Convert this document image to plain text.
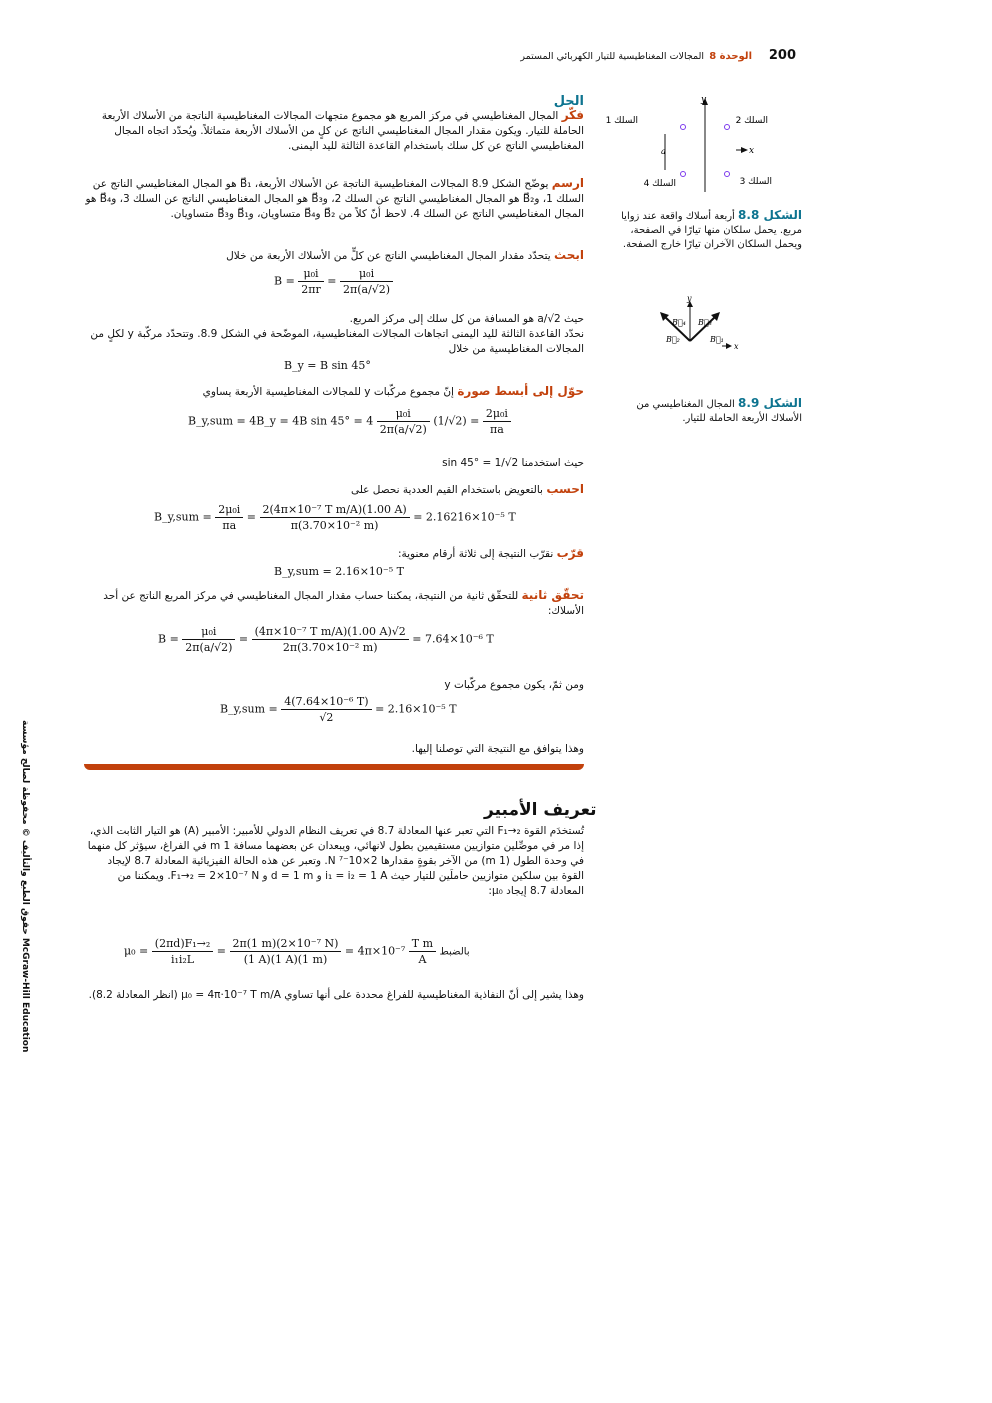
200
الوحدة 8
المجالات المغناطيسية للتيار الكهربائي المستمر
الحل
فكّر المجال المغناطيسي في مركز المربع هو مجموع متجهات المجالات المغناطيسية الناتجة من الأسلاك الأربعة الحاملة للتيار. ويكون مقدار المجال المغناطيسي الناتج عن كلٍ من الأسلاك الأربعة متماثلاً. ويُحدّد اتجاه المجال المغناطيسي الناتج عن كل سلك باستخدام القاعدة الثالثة لليد اليمنى.
ارسم يوضّح الشكل 8.9 المجالات المغناطيسية الناتجة عن الأسلاك الأربعة، B⃗₁ هو المجال المغناطيسي الناتج عن السلك 1، وB⃗₂ هو المجال المغناطيسي الناتج عن السلك 2، وB⃗₃ هو المجال المغناطيسي الناتج عن السلك 3، وB⃗₄ هو المجال المغناطيسي الناتج عن السلك 4. لاحظ أنّ كلاً من B⃗₂ وB⃗₄ متساويان، وB⃗₁ وB⃗₃ متساويان.
ابحث يتحدّد مقدار المجال المغناطيسي الناتج عن كلٍّ من الأسلاك الأربعة من خلال
$B = \frac{\text{μ₀i}}{2\pi r} = \frac{\text{μ₀i}}{2\pi(a/√2)}$
حيث a/√2 هو المسافة من كل سلك إلى مركز المربع.
نحدّد القاعدة الثالثة لليد اليمنى اتجاهات المجالات المغناطيسية، الموضّحة في الشكل 8.9. وتتحدّد مركّبة y لكلٍ من المجالات المغناطيسية من خلال
B_y = B sin 45°
حوّل إلى أبسط صورة إنّ مجموع مركّبات y للمجالات المغناطيسية الأربعة يساوي
B_y,sum = 4B_y = 4B $\sin 45^\circ = 4 \frac{\text{μ₀i}}{2\pi(a/√2)} (1/√2) = \frac{\text{2μ₀i}}{\pi a}$
حيث استخدمنا sin 45° = 1/√2
احسب بالتعويض باستخدام القيم العددية نحصل على
B_y,sum = $\frac{\text{2μ₀i}}{\pi a} = \frac{\text{2(4π×10⁻⁷ T m/A)(1.00 A)}}{\text{π(3.70×10⁻² m)}} = 2.16216\times 10^{-5}$ T
قرّب نقرّب النتيجة إلى ثلاثة أرقام معنوية:
B_y,sum = 2.16×10⁻⁵ T
تحقّق ثانية للتحقّق ثانية من النتيجة، يمكننا حساب مقدار المجال المغناطيسي في مركز المربع الناتج عن أحد الأسلاك:
$B = \frac{\text{μ₀i}}{2\pi(a/√2)} = \frac{\text{(4π×10⁻⁷ T m/A)(1.00 A)√2}}{\text{2π(3.70×10⁻² m)}} = 7.64\times 10^{-6}$ T
ومن ثمّ، يكون مجموع مركّبات y
B_y,sum = $\frac{\text{4(7.64×10⁻⁶ T)}}{√2} = 2.16\times 10^{-5}$ T
وهذا يتوافق مع النتيجة التي توصلنا إليها.
y
x
a
السلك 1	السلك 2
السلك 3
السلك 4
الشكل 8.8 أربعة أسلاك واقعة عند زوايا مربع. يحمل سلكان منها تيارًا في الصفحة، ويحمل السلكان الآخران تيارًا خارج الصفحة.
y
x
B⃗₄
B⃗₂
B⃗₃
B⃗₁
الشكل 8.9 المجال المغناطيسي من الأسلاك الأربعة الحاملة للتيار.
تعريف الأمبير
تُستخدَم القوة F₁→₂ التي تعبر عنها المعادلة 8.7 في تعريف النظام الدولي للأمبير: الأمبير (A) هو التيار الثابت الذي، إذا مر في موصِّلين متوازيين مستقيمين بطول لانهائي، ويبعدان عن بعضهما مسافة 1 m في الفراغ، سيؤثر كل منهما في وحدة الطول (1 m) من الآخر بقوةٍ مقدارها 2×10⁻⁷ N. وتعبر عن هذه الحالة الفيزيائية المعادلة 8.7 لإيجاد القوة بين سلكين متوازيين حاملَين للتيار حيث i₁ = i₂ = 1 A و d = 1 m و F₁→₂ = 2×10⁻⁷ N. ويمكننا من المعادلة 8.7 إيجاد μ₀:
$\mu_0 = \frac{\text{(2πd)F₁→₂}}{\text{i₁i₂L}} = \frac{\text{2π(1 m)(2×10⁻⁷ N)}}{(1 A)(1 A)(1 m)} = 4\pi\times 10^{-7} \frac{\text{T m}}{A}$ بالضبط
وهذا يشير إلى أنّ النفاذية المغناطيسية للفراغ محددة على أنها تساوي μ₀ = 4π·10⁻⁷ T m/A (انظر المعادلة 8.2).
حقوق الطبع والتأليف © محفوظة لصالح مؤسسة McGraw-Hill Education
